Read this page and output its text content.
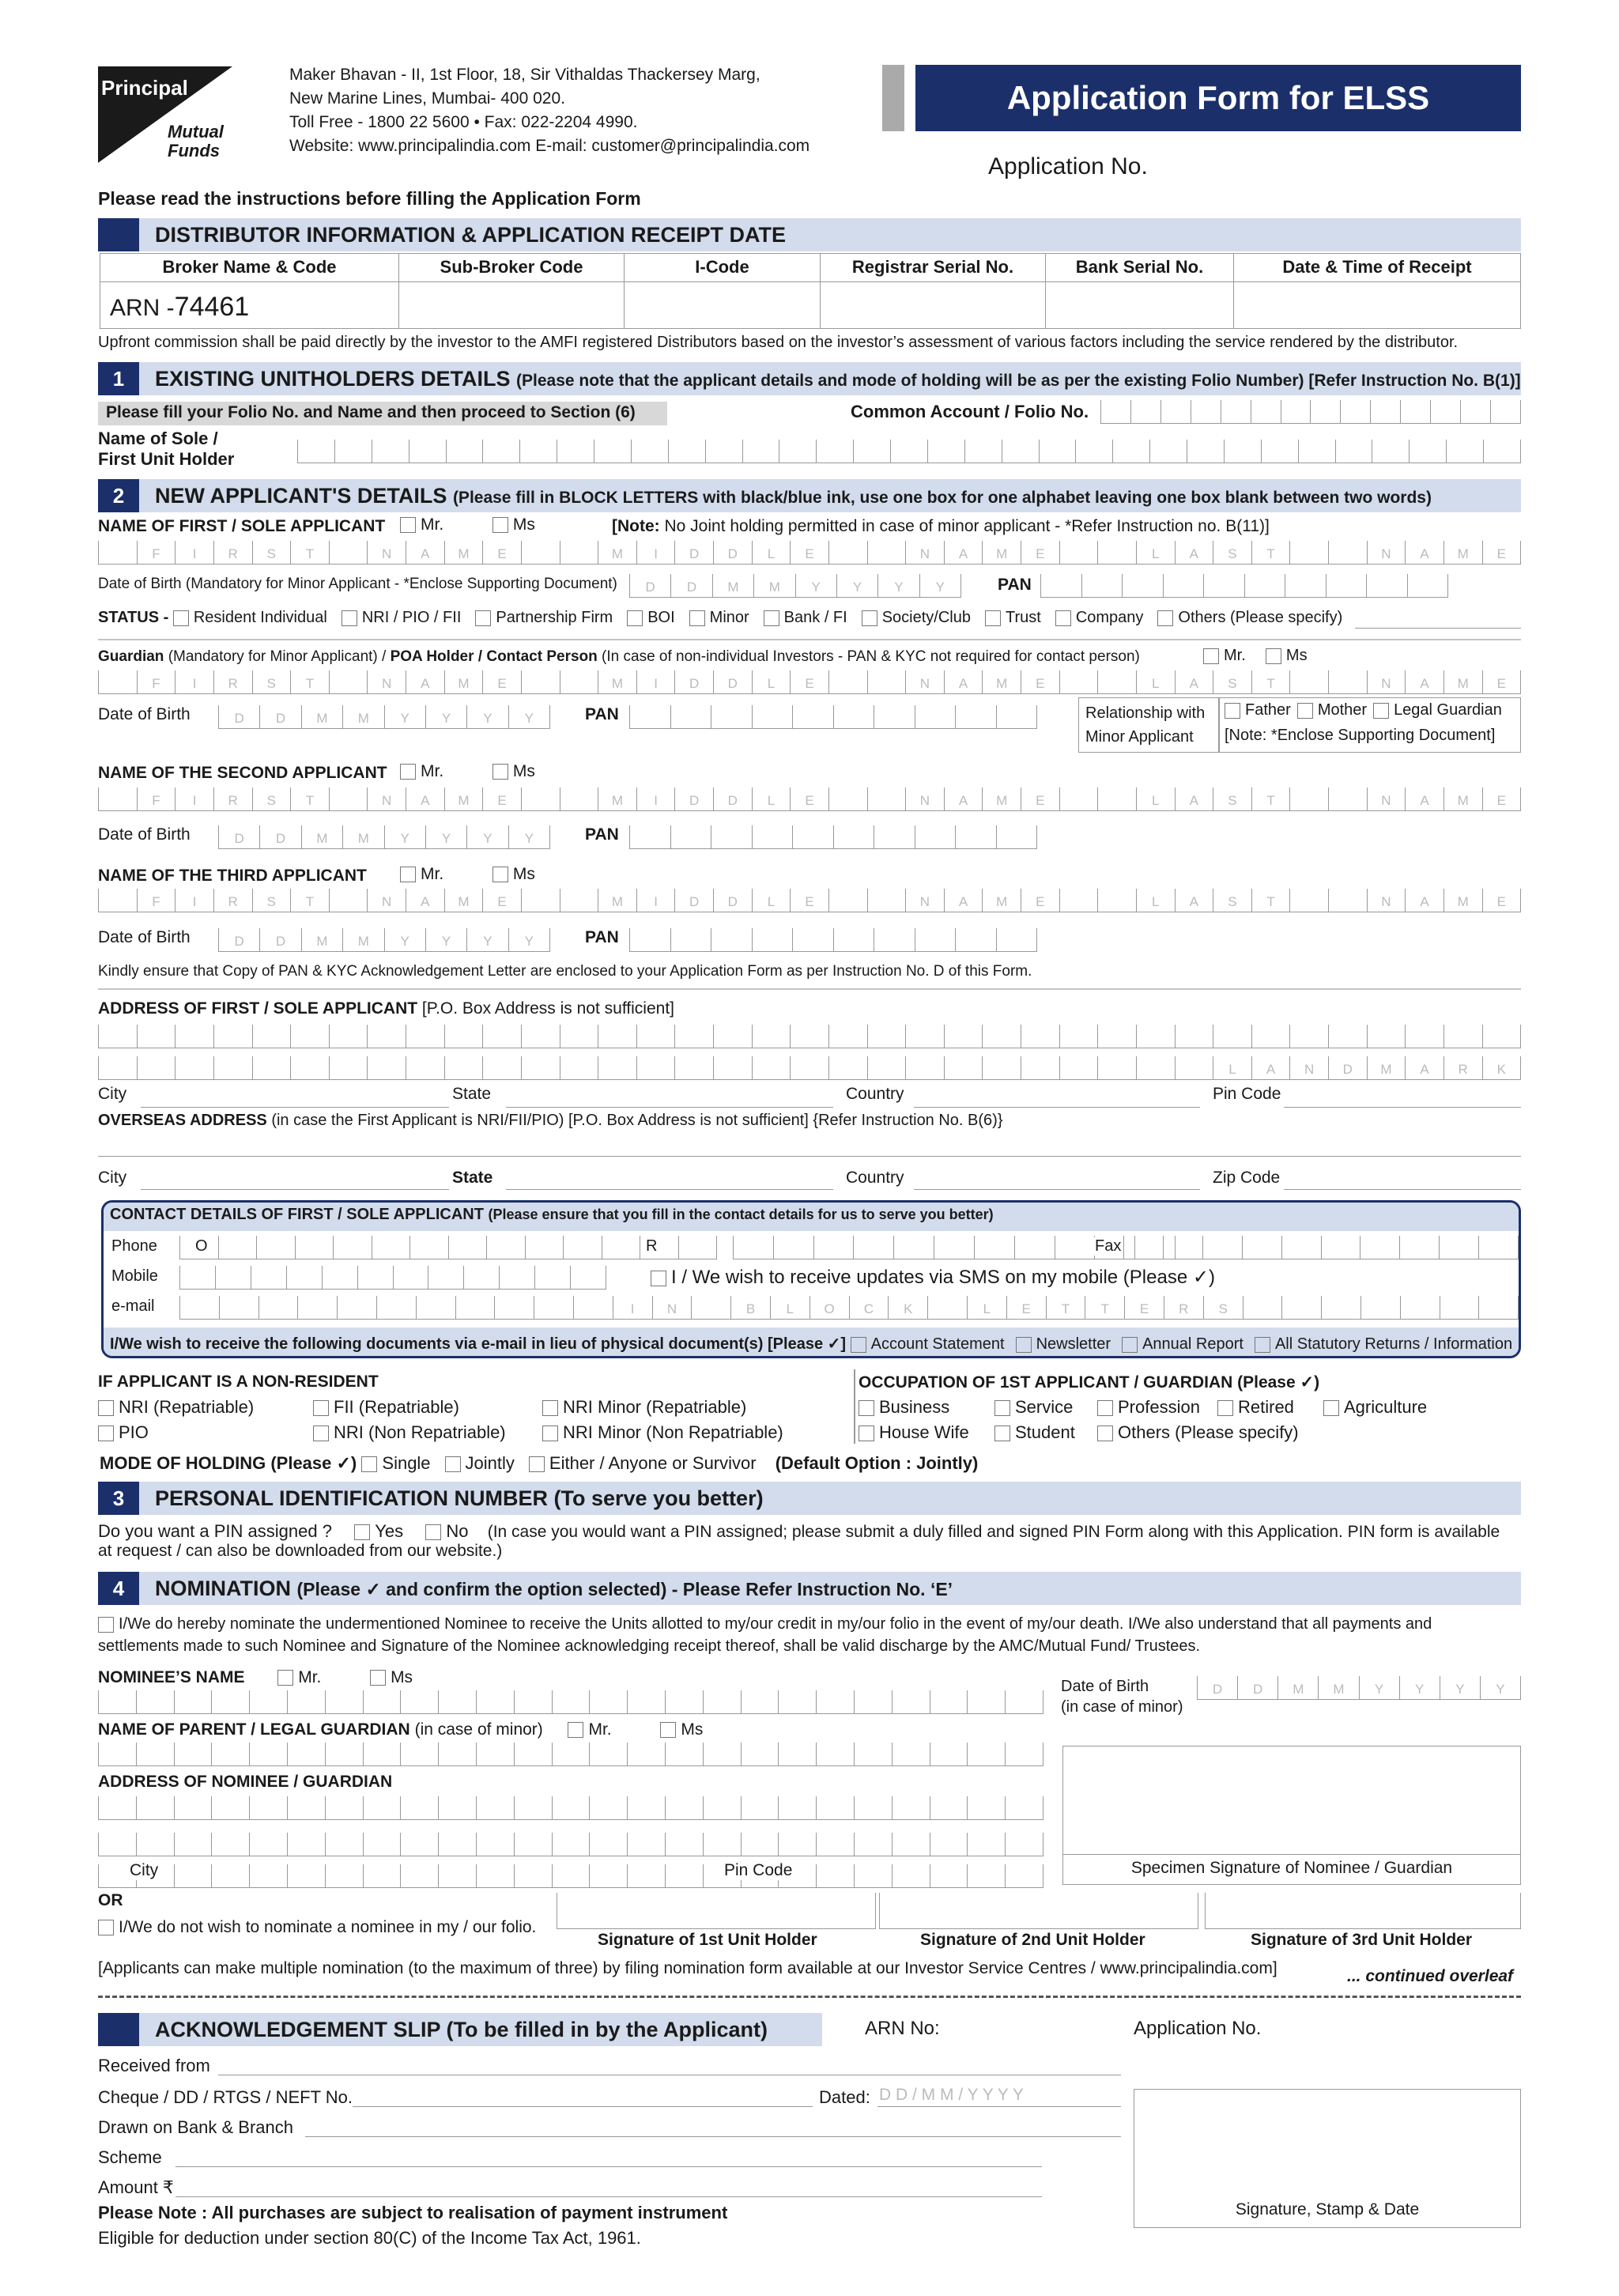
Principal
Mutual
Funds
Maker Bhavan - II, 1st Floor, 18, Sir Vithaldas Thackersey Marg,
New Marine Lines, Mumbai- 400 020.
Toll Free - 1800 22 5600 • Fax: 022-2204 4990.
Website: www.principalindia.com E-mail: customer@principalindia.com
Application Form for ELSS
Application No.
Please read the instructions before filling the Application Form
DISTRIBUTOR INFORMATION & APPLICATION RECEIPT DATE
Broker Name & Code	Sub-Broker Code	I-Code	Registrar Serial No.	Bank Serial No.	Date & Time of Receipt
ARN -74461
Upfront commission shall be paid directly by the investor to the AMFI registered Distributors based on the investor’s assessment of various factors including the service rendered by the distributor.
1	EXISTING UNITHOLDERS DETAILS (Please note that the applicant details and mode of holding will be as per the existing Folio Number) [Refer Instruction No. B(1)]
Please fill your Folio No. and Name and then proceed to Section (6)	Common Account / Folio No.
Name of Sole /
First Unit Holder
2	NEW APPLICANT'S DETAILS (Please fill in BLOCK LETTERS with black/blue ink, use one box for one alphabet leaving one box blank between two words)
NAME OF FIRST / SOLE APPLICANT	Mr.	Ms	[Note: No Joint holding permitted in case of minor applicant - *Refer Instruction no. B(11)]
F	I	R	S	T	N	A	M	E	M	I	D	D	L	E	N	A	M	E	L	A	S	T	N	A	M	E
Date of Birth (Mandatory for Minor Applicant - *Enclose Supporting Document)	D	D	M	M	Y	Y	Y	Y	PAN
STATUS - Resident Individual NRI / PIO / FII Partnership Firm BOI Minor Bank / FI Society/Club Trust Company Others (Please specify)
Guardian (Mandatory for Minor Applicant) / POA Holder / Contact Person (In case of non-individual Investors - PAN & KYC not required for contact person)	Mr.	Ms
F	I	R	S	T	N	A	M	E	M	I	D	D	L	E	N	A	M	E	L	A	S	T	N	A	M	E
Date of Birth	D	D	M	M	Y	Y	Y	Y	PAN	Relationship with
Minor Applicant
Father Mother Legal Guardian
[Note: *Enclose Supporting Document]
NAME OF THE SECOND APPLICANT	Mr.	Ms
F	I	R	S	T	N	A	M	E	M	I	D	D	L	E	N	A	M	E	L	A	S	T	N	A	M	E
Date of Birth	D	D	M	M	Y	Y	Y	Y	PAN
NAME OF THE THIRD APPLICANT	Mr.	Ms
F	I	R	S	T	N	A	M	E	M	I	D	D	L	E	N	A	M	E	L	A	S	T	N	A	M	E
Date of Birth	D	D	M	M	Y	Y	Y	Y	PAN
Kindly ensure that Copy of PAN & KYC Acknowledgement Letter are enclosed to your Application Form as per Instruction No. D of this Form.
ADDRESS OF FIRST / SOLE APPLICANT [P.O. Box Address is not sufficient]
L	A	N	D	M	A	R	K
City	State	Country	Pin Code
OVERSEAS ADDRESS (in case the First Applicant is NRI/FII/PIO) [P.O. Box Address is not sufficient] {Refer Instruction No. B(6)}
City	State	Country	Zip Code
CONTACT DETAILS OF FIRST / SOLE APPLICANT (Please ensure that you fill in the contact details for us to serve you better)
Phone O	R	Fax
Mobile	I / We wish to receive updates via SMS on my mobile (Please ✓)
e-mail	I	N	B	L	O	C	K	L	E	T	T	E	R	S
I/We wish to receive the following documents via e-mail in lieu of physical document(s) [Please ✓] Account Statement Newsletter Annual Report All Statutory Returns / Information
IF APPLICANT IS A NON-RESIDENT
NRI (Repatriable)	FII (Repatriable)	NRI Minor (Repatriable)
PIO	NRI (Non Repatriable)	NRI Minor (Non Repatriable)
OCCUPATION OF 1ST APPLICANT / GUARDIAN (Please ✓)
Business	Service	Profession	Retired	Agriculture
House Wife	Student	Others (Please specify)
MODE OF HOLDING (Please ✓) Single Jointly Either / Anyone or Survivor (Default Option : Jointly)
3	PERSONAL IDENTIFICATION NUMBER (To serve you better)
Do you want a PIN assigned ? Yes No (In case you would want a PIN assigned; please submit a duly filled and signed PIN Form along with this Application. PIN form is available
at request / can also be downloaded from our website.)
4	NOMINATION (Please ✓ and confirm the option selected) - Please Refer Instruction No. ‘E’
I/We do hereby nominate the undermentioned Nominee to receive the Units allotted to my/our credit in my/our folio in the event of my/our death. I/We also understand that all payments and
settlements made to such Nominee and Signature of the Nominee acknowledging receipt thereof, shall be valid discharge by the AMC/Mutual Fund/ Trustees.
NOMINEE’S NAME	Mr.	Ms	Date of Birth
(in case of minor)
D	D	M	M	Y	Y	Y	Y
NAME OF PARENT / LEGAL GUARDIAN (in case of minor)	Mr.	Ms
ADDRESS OF NOMINEE / GUARDIAN
City	Pin Code	Specimen Signature of Nominee / Guardian
OR
I/We do not wish to nominate a nominee in my / our folio.
Signature of 1st Unit Holder	Signature of 2nd Unit Holder	Signature of 3rd Unit Holder
[Applicants can make multiple nomination (to the maximum of three) by filing nomination form available at our Investor Service Centres / www.principalindia.com]	... continued overleaf
ACKNOWLEDGEMENT SLIP (To be filled in by the Applicant)	ARN No:	Application No.
Received from
Cheque / DD / RTGS / NEFT No.	Dated: D D / M M / Y Y Y Y
Drawn on Bank & Branch
Scheme
Amount ₹
Please Note : All purchases are subject to realisation of payment instrument
Eligible for deduction under section 80(C) of the Income Tax Act, 1961.
Signature, Stamp & Date
